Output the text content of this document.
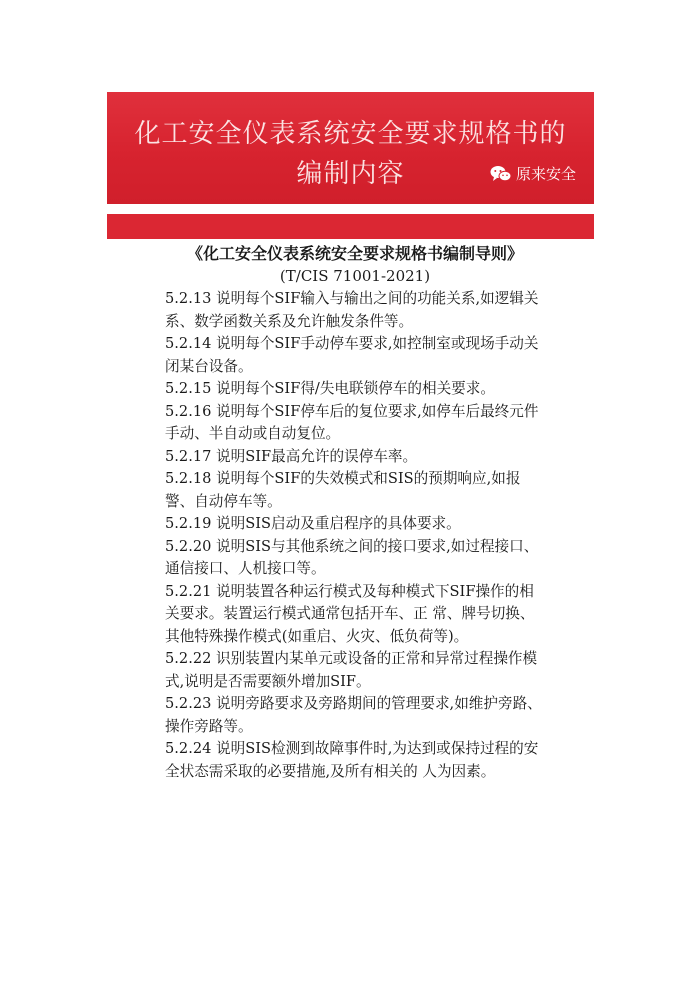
化工安全仪表系统安全要求规格书的
编制内容	原来安全
《化工安全仪表系统安全要求规格书编制导则》
(T/CIS 71001-2021)

5.2.13 说明每个SIF输入与输出之间的功能关系,如逻辑关系、数学函数关系及允许触发条件等。

5.2.14 说明每个SIF手动停车要求,如控制室或现场手动关闭某台设备。

5.2.15 说明每个SIF得/失电联锁停车的相关要求。

5.2.16 说明每个SIF停车后的复位要求,如停车后最终元件手动、半自动或自动复位。

5.2.17 说明SIF最高允许的误停车率。

5.2.18 说明每个SIF的失效模式和SIS的预期响应,如报警、自动停车等。

5.2.19 说明SIS启动及重启程序的具体要求。

5.2.20 说明SIS与其他系统之间的接口要求,如过程接口、通信接口、人机接口等。

5.2.21 说明装置各种运行模式及每种模式下SIF操作的相关要求。装置运行模式通常包括开车、正 常、牌号切换、其他特殊操作模式(如重启、火灾、低负荷等)。

5.2.22 识别装置内某单元或设备的正常和异常过程操作模式,说明是否需要额外增加SIF。

5.2.23 说明旁路要求及旁路期间的管理要求,如维护旁路、操作旁路等。

5.2.24 说明SIS检测到故障事件时,为达到或保持过程的安全状态需采取的必要措施,及所有相关的 人为因素。
